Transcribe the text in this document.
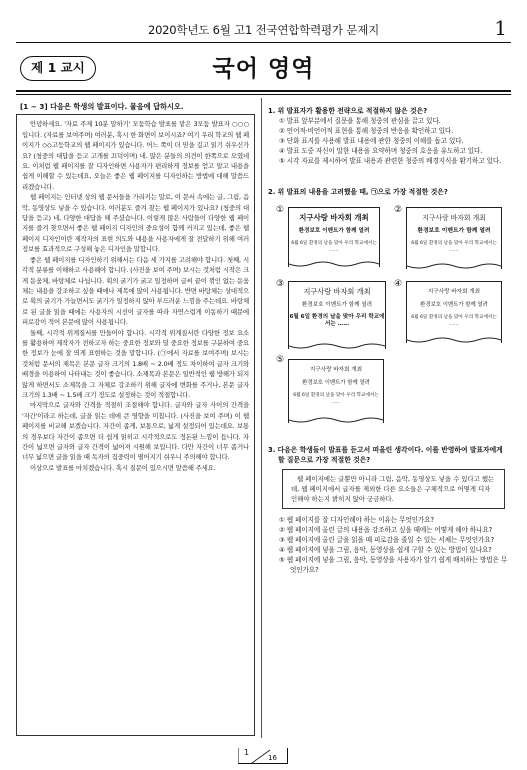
2020학년도 6월 고1 전국연합학력평가 문제지	1
제 1 교시	국어 영역
[1 ~ 3] 다음은 학생의 발표이다. 물음에 답하시오.

안녕하세요. '자료 주제 10분 말하기' 모둠학습 발표를 맡은 3모둠 발표자 ○○○입니다. (자료를 보여주며) 여러분, 혹시 한 화면이 보이시죠? 여기 우리 학교의 웹 페이지가 ◇◇고등학교의 웹 페이지가 있습니다. 어느 쪽이 더 믿을 깊고 읽기 쉬우신가요? (청중의 대답을 듣고 고개를 끄덕이며) 네. 많은 분들의 의견이 한쪽으로 모였네요. 이처럼 웹 페이지를 잘 디자인하면 사용자가 편리하게 정보를 얻고 알고 내용을 쉽게 이해할 수 있는데요, 오늘은 좋은 웹 페이지를 디자인하는 방법에 대해 말씀드리겠습니다.

웹 페이지는 인터넷 상의 웹 문서들을 가리키는 말로, 이 문서 속에는 글, 그림, 음악, 동영상도 넣을 수 있습니다. 여러분도 즐겨 찾는 웹 페이지가 있나요? (청중의 대답을 듣고) 네, 다양한 대답을 해 주셨습니다. 이렇게 많은 사람들이 다양한 웹 페이지를 즐겨 찾으면서 좋은 웹 페이지 디자인의 중요성이 함께 커지고 있는데, 좋은 웹 페이지 디자인이란 제작자의 표현 의도와 내용을 사용자에게 잘 전달하기 위해 여러 정보를 효과적으로 구성해 놓은 디자인을 말합니다.

좋은 웹 페이지를 디자인하기 위해서는 다음 세 가지를 고려해야 합니다. 첫째, 시각적 분류를 이해하고 사용해야 합니다. (사진을 보여 주며) 보시는 것처럼 시작은 크게 돋움체, 바탕체로 나뉩니다. 획의 굵기가 굵고 일정하며 글씨 끝이 꺾인 없는 돋움체는 내용을 강조하고 싶을 때에나 제목에 많이 사용됩니다. 반면 바탕체는 상대적으로 획의 굵기가 가늘면서도 굵기가 일정하지 않아 부드러운 느낌을 주는데요. 바탕체로 된 글을 읽을 때에는 사용자의 시선이 글자를 따라 자연스럽게 이동하기 때문에 피로감이 적어 본문에 많이 사용됩니다.

둘째, 시각적 위계질서를 만들어야 합니다. 시각적 위계질서란 다양한 정보 요소를 활용하여 제작자가 전하고자 하는 중요한 정보와 덜 중요한 정보를 구분하여 중요한 정보가 눈에 잘 띄게 표현하는 것을 말합니다. (㉠에서 자료를 보여주며) 보시는 것처럼 문서의 제목은 본문 글자 크기의 1.8배 ~ 2.0배 정도 차이하여 글자 크기와 배경을 이용하여 나타내는 것이 좋습니다. 소제목과 본문은 일반적인 웹 방해가 되지 않게 하면서도 소제목을 그 자체로 강조하기 위해 글자에 변화를 주거나, 본문 글자 크기의 1.3배 ~ 1.5배 크기 정도로 설정하는 것이 적절합니다.

마지막으로 글자와 간격을 적절히 조절해야 합니다. 글자와 글자 사이의 간격을 '자간'이라고 하는데, 글을 읽는 데에 큰 영향을 미칩니다. (사진을 보여 주며) 이 웹 페이지를 비교해 보겠습니다. 자간이 좁게, 보통으로, 넓게 설정되어 있는데요. 보통의 경우보다 자간이 좁으면 더 쉽게 읽히고 시각적으로도 정돈된 느낌이 듭니다. 자간이 넓으면 글자와 글자 간격이 넓어져 시원해 보입니다. 다만 자간이 너무 좁거나 너무 넓으면 글을 읽을 때 독자의 집중력이 떨어지기 쉬우니 주의해야 합니다.

이상으로 발표를 마치겠습니다. 혹시 질문이 있으시면 말씀해 주세요.

1. 위 발표자가 활용한 전략으로 적절하지 않은 것은?
① 발표 앞부분에서 질문을 통해 청중의 관심을 끌고 있다.
② 언어적·비언어적 표현을 통해 청중의 반응을 확인하고 있다.
③ 단화 표지를 사용해 발표 내용에 관한 청중의 이해를 돕고 있다.
④ 발표 도중 자신이 말한 내용을 요약하며 청중의 호응을 유도하고 있다.
⑤ 시각 자료를 제시하여 발표 내용과 관련한 청중의 배경지식을 환기하고 있다.
2. 위 발표의 내용을 고려했을 때, ㉠으로 가장 적절한 것은?
①
지구사랑 바자회 개최
환경보호 이벤트가 함께 열려
6월 6일 환경의 날을 맞아 우리 학교에서는 ……
②
지구사랑 바자회 개최
환경보호 이벤트가 함께 열려
6월 6일 환경의 날을 맞아 우리 학교에서는 ……
③
지구사랑 바자회 개최
환경보호 이벤트가 함께 열려
6월 6일 환경의 날을 맞아 우리 학교에서는 ……
④
지구사랑 바자회 개최
환경보호 이벤트가 함께 열려
6월 6일 환경의 날을 맞아 우리 학교에서는 ……
⑤
지구사랑 바자회 개최
환경보호 이벤트가 함께 열려
6월 6일 환경의 날을 맞아 우리 학교에서는 ……
3. 다음은 학생들이 발표를 듣고서 떠올린 생각이다. 이를 반영하여 발표자에게 할 질문으로 가장 적절한 것은?
웹 페이지에는 글뿐만 아니라 그림, 음악, 동영상도 넣을 수 있다고 했는데, 웹 페이지에서 글자를 제외한 다른 요소들은 구체적으로 어떻게 디자인해야 하는지 밝히지 않아 궁금하다.
① 웹 페이지를 잘 디자인해야 하는 이유는 무엇인가요?
② 웹 페이지에 올린 글의 내용을 강조하고 싶을 때에는 어떻게 해야 하나요?
③ 웹 페이지에 올린 글을 읽을 때 피로감을 줄일 수 있는 서체는 무엇인가요?
④ 웹 페이지에 넣을 그림, 음악, 동영상을 쉽게 구할 수 있는 방법이 있나요?
⑤ 웹 페이지에 넣을 그림, 음악, 동영상을 사용자가 알기 쉽게 배치하는 방법은 무엇인가요?
1
16
